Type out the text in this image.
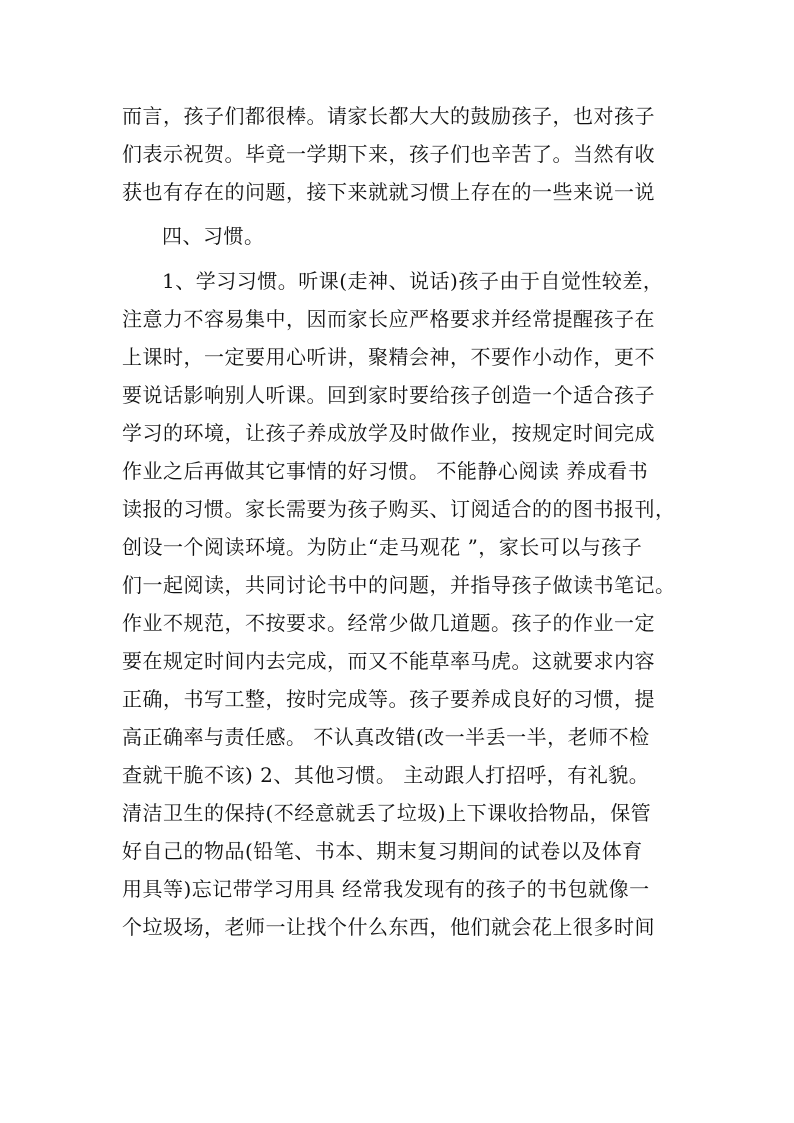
而言，孩子们都很棒。请家长都大大的鼓励孩子，也对孩子
们表示祝贺。毕竟一学期下来，孩子们也辛苦了。当然有收
获也有存在的问题，接下来就就习惯上存在的一些来说一说
四、习惯。
1、学习习惯。听课(走神、说话)孩子由于自觉性较差，
注意力不容易集中，因而家长应严格要求并经常提醒孩子在
上课时，一定要用心听讲，聚精会神，不要作小动作，更不
要说话影响别人听课。回到家时要给孩子创造一个适合孩子
学习的环境，让孩子养成放学及时做作业，按规定时间完成
作业之后再做其它事情的好习惯。 不能静心阅读 养成看书
读报的习惯。家长需要为孩子购买、订阅适合的的图书报刊，
创设一个阅读环境。为防止“走马观花 ”，家长可以与孩子
们一起阅读，共同讨论书中的问题，并指导孩子做读书笔记。
作业不规范，不按要求。经常少做几道题。孩子的作业一定
要在规定时间内去完成，而又不能草率马虎。这就要求内容
正确，书写工整，按时完成等。孩子要养成良好的习惯，提
高正确率与责任感。 不认真改错(改一半丢一半，老师不检
查就干脆不该) 2、其他习惯。 主动跟人打招呼，有礼貌。
清洁卫生的保持(不经意就丢了垃圾)上下课收拾物品，保管
好自己的物品(铅笔、书本、期末复习期间的试卷以及体育
用具等)忘记带学习用具 经常我发现有的孩子的书包就像一
个垃圾场，老师一让找个什么东西，他们就会花上很多时间
